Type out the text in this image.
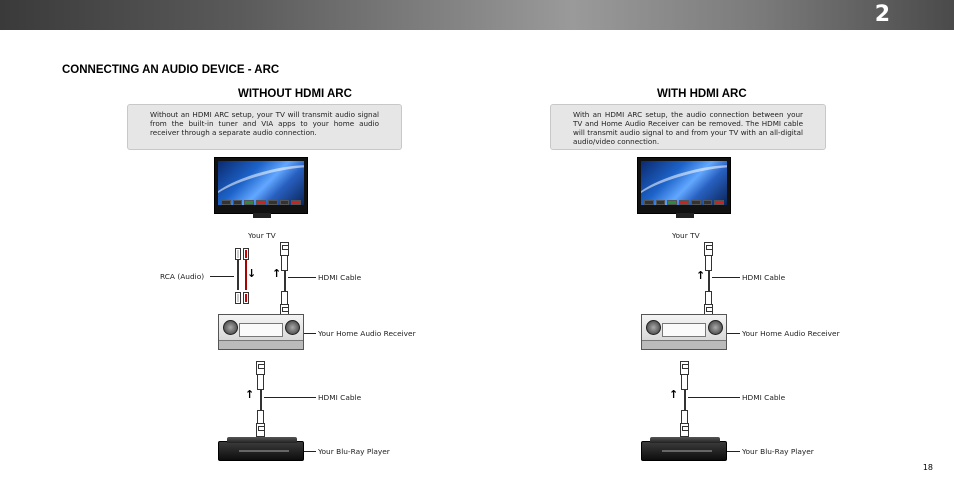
2
CONNECTING AN AUDIO DEVICE - ARC
WITHOUT HDMI ARC
Without an HDMI ARC setup, your TV will transmit audio signal from the built-in tuner and VIA apps to your home audio receiver through a separate audio connection.
Your TV
↓
RCA (Audio)	↑	HDMI Cable
Your Home Audio Receiver
↑	HDMI Cable
Your Blu-Ray Player
WITH HDMI ARC
With an HDMI ARC setup, the audio connection between your TV and Home Audio Receiver can be removed. The HDMI cable will transmit audio signal to and from your TV with an all-digital audio/video connection.
Your TV
↑	HDMI Cable
Your Home Audio Receiver
↑	HDMI Cable
Your Blu-Ray Player
18
